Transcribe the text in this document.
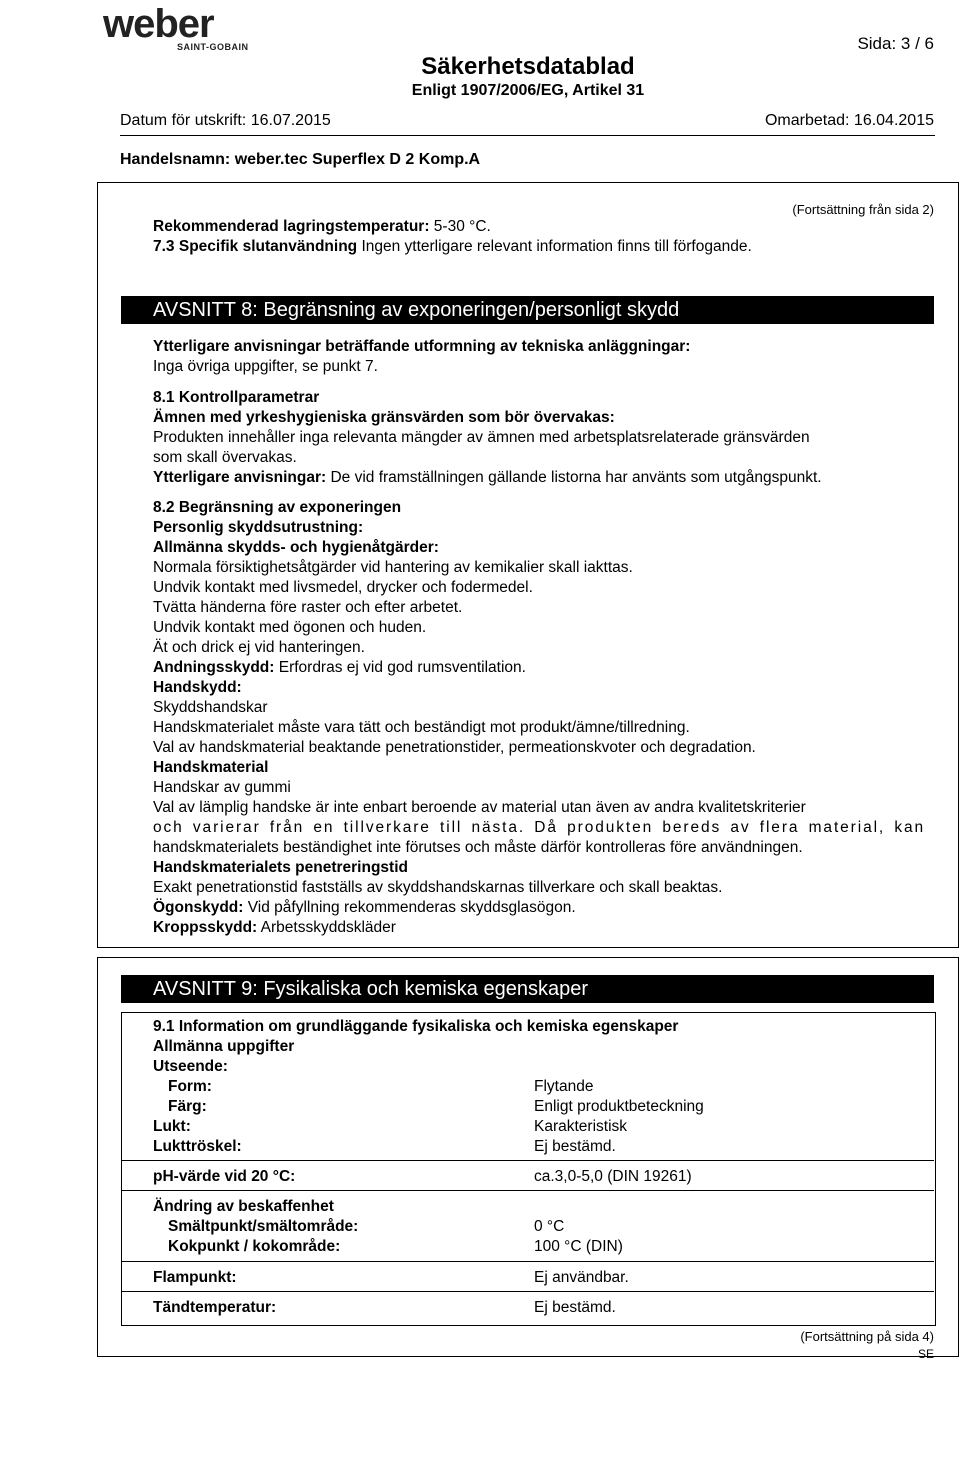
weber
SAINT-GOBAIN
Säkerhetsdatablad
Enligt 1907/2006/EG, Artikel 31
Sida: 3 / 6
Datum för utskrift: 16.07.2015	Omarbetad: 16.04.2015
Handelsnamn: weber.tec Superflex D 2 Komp.A
(Fortsättning från sida 2)
Rekommenderad lagringstemperatur: 5-30 °C.
7.3 Specifik slutanvändning Ingen ytterligare relevant information finns till förfogande.
AVSNITT 8: Begränsning av exponeringen/personligt skydd
Ytterligare anvisningar beträffande utformning av tekniska anläggningar:
Inga övriga uppgifter, se punkt 7.
8.1 Kontrollparametrar
Ämnen med yrkeshygieniska gränsvärden som bör övervakas:
Produkten innehåller inga relevanta mängder av ämnen med arbetsplatsrelaterade gränsvärden
som skall övervakas.
Ytterligare anvisningar: De vid framställningen gällande listorna har använts som utgångspunkt.
8.2 Begränsning av exponeringen
Personlig skyddsutrustning:
Allmänna skydds- och hygienåtgärder:
Normala försiktighetsåtgärder vid hantering av kemikalier skall iakttas.
Undvik kontakt med livsmedel, drycker och fodermedel.
Tvätta händerna före raster och efter arbetet.
Undvik kontakt med ögonen och huden.
Ät och drick ej vid hanteringen.
Andningsskydd: Erfordras ej vid god rumsventilation.
Handskydd:
Skyddshandskar
Handskmaterialet måste vara tätt och beständigt mot produkt/ämne/tillredning.
Val av handskmaterial beaktande penetrationstider, permeationskvoter och degradation.
Handskmaterial
Handskar av gummi
Val av lämplig handske är inte enbart beroende av material utan även av andra kvalitetskriterier
och varierar från en tillverkare till nästa. Då produkten bereds av flera material, kan
handskmaterialets beständighet inte förutses och måste därför kontrolleras före användningen.
Handskmaterialets penetreringstid
Exakt penetrationstid fastställs av skyddshandskarnas tillverkare och skall beaktas.
Ögonskydd: Vid påfyllning rekommenderas skyddsglasögon.
Kroppsskydd: Arbetsskyddskläder
AVSNITT 9: Fysikaliska och kemiska egenskaper
9.1 Information om grundläggande fysikaliska och kemiska egenskaper
Allmänna uppgifter
Utseende:
Form:	Flytande
Färg:	Enligt produktbeteckning
Lukt:	Karakteristisk
Lukttröskel:	Ej bestämd.
pH-värde vid 20 °C:	ca.3,0-5,0 (DIN 19261)
Ändring av beskaffenhet
Smältpunkt/smältområde:	0 °C
Kokpunkt / kokområde:	100 °C (DIN)
Flampunkt:	Ej användbar.
Tändtemperatur:	Ej bestämd.
(Fortsättning på sida 4)
SE
